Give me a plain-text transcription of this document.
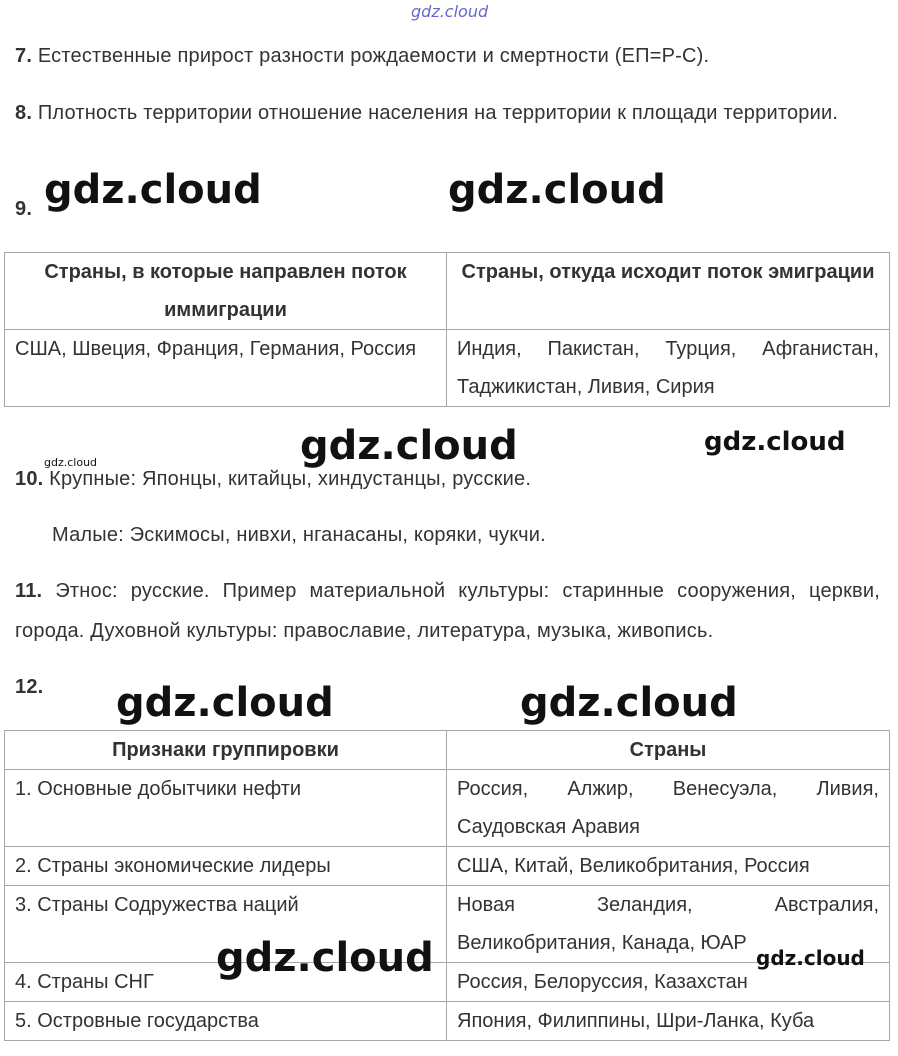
gdz.cloud
7. Естественные прирост разности рождаемости и смертности (ЕП=Р-С).
8. Плотность территории отношение населения на территории к площади территории.
9. gdz.cloud	gdz.cloud
Страны, в которые направлен поток иммиграции	Страны, откуда исходит поток эмиграции
США, Швеция, Франция, Германия, Россия	Индия, Пакистан, Турция, Афганистан, Таджикистан, Ливия, Сирия
gdz.cloud	gdz.cloud
gdz.cloud
10. Крупные: Японцы, китайцы, хиндустанцы, русские.
Малые: Эскимосы, нивхи, нганасаны, коряки, чукчи.
11. Этнос: русские. Пример материальной культуры: старинные сооружения, церкви, города. Духовной культуры: православие, литература, музыка, живопись.
12. gdz.cloud	gdz.cloud
Признаки группировки	Страны
1. Основные добытчики нефти	Россия, Алжир, Венесуэла, Ливия, Саудовская Аравия
2. Страны экономические лидеры	США, Китай, Великобритания, Россия
3. Страны Содружества наций	Новая Зеландия, Австралия, Великобритания, Канада, ЮАР
4. Страны СНГ	Россия, Белоруссия, Казахстан
5. Островные государства	Япония, Филиппины, Шри-Ланка, Куба
gdz.cloud	gdz.cloud
